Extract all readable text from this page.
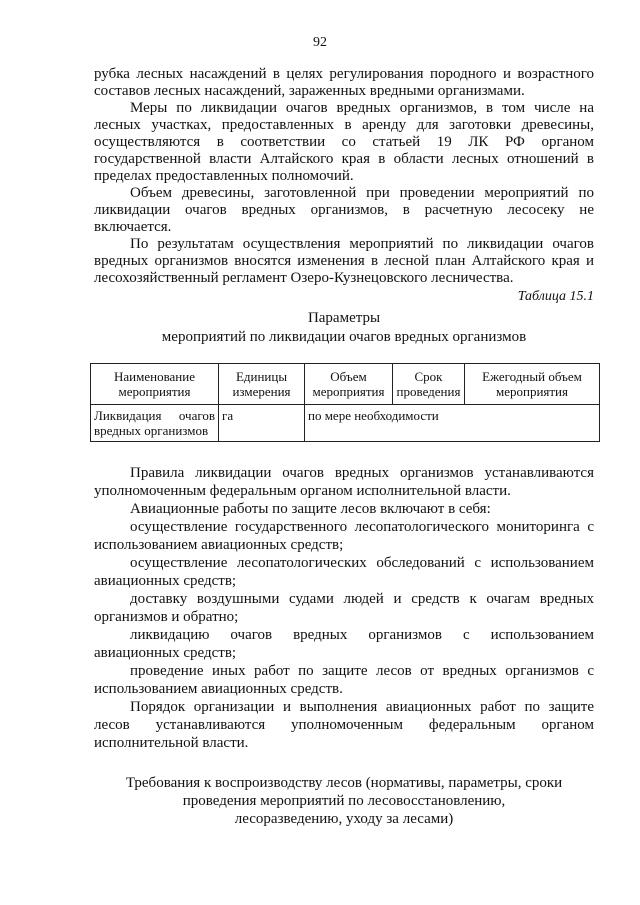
92

рубка лесных насаждений в целях регулирования породного и возрастного составов лесных насаждений, зараженных вредными организмами.

Меры по ликвидации очагов вредных организмов, в том числе на лесных участках, предоставленных в аренду для заготовки древесины, осуществляются в соответствии со статьей 19 ЛК РФ органом государственной власти Алтайского края в области лесных отношений в пределах предоставленных полномочий.

Объем древесины, заготовленной при проведении мероприятий по ликвидации очагов вредных организмов, в расчетную лесосеку не включается.

По результатам осуществления мероприятий по ликвидации очагов вредных организмов вносятся изменения в лесной план Алтайского края и лесохозяйственный регламент Озеро-Кузнецовского лесничества.

Таблица 15.1
Параметры
мероприятий по ликвидации очагов вредных организмов
Наименование мероприятия	Единицы измерения	Объем мероприятия	Срок проведения	Ежегодный объем мероприятия
Ликвидация очагов вредных организмов	га	по мере необходимости		

Правила ликвидации очагов вредных организмов устанавливаются уполномоченным федеральным органом исполнительной власти.

Авиационные работы по защите лесов включают в себя:

осуществление государственного лесопатологического мониторинга с использованием авиационных средств;

осуществление лесопатологических обследований с использованием авиационных средств;

доставку воздушными судами людей и средств к очагам вредных организмов и обратно;

ликвидацию очагов вредных организмов с использованием авиационных средств;

проведение иных работ по защите лесов от вредных организмов с использованием авиационных средств.

Порядок организации и выполнения авиационных работ по защите лесов устанавливаются уполномоченным федеральным органом исполнительной власти.

Требования к воспроизводству лесов (нормативы, параметры, сроки
проведения мероприятий по лесовосстановлению,
лесоразведению, уходу за лесами)
